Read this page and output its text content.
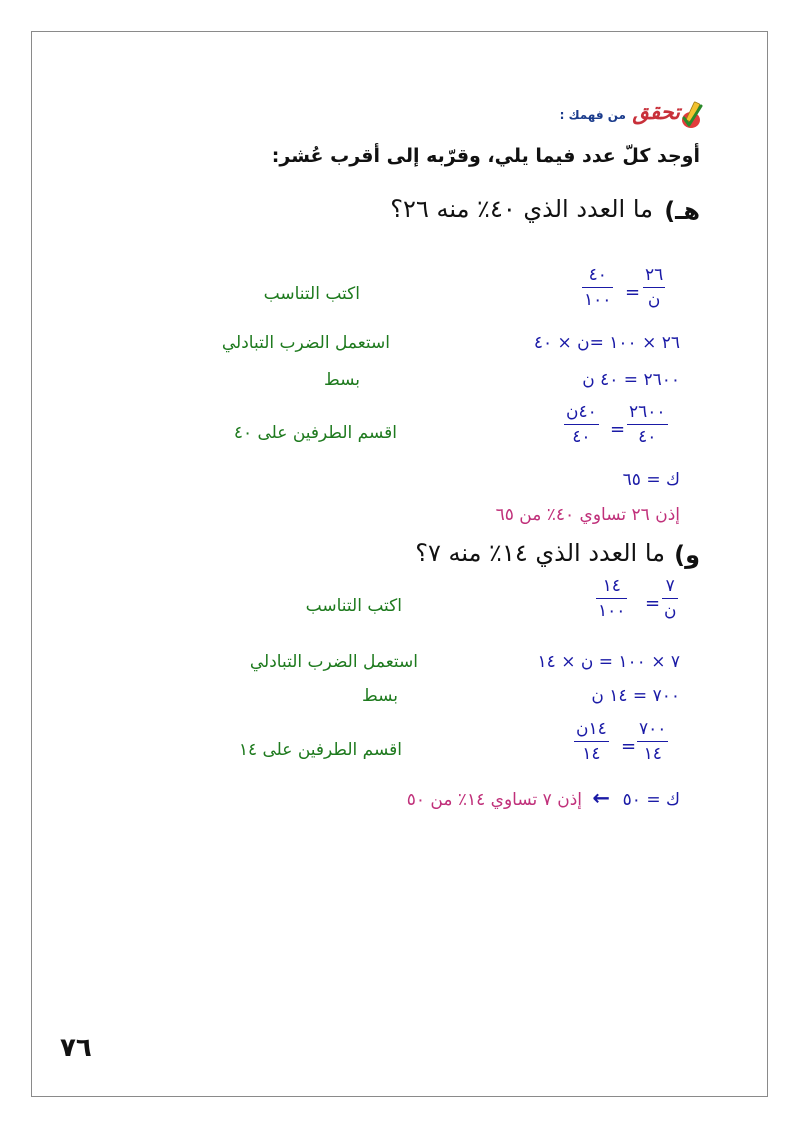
تحقق
من فهمك :
أوجد كلّ عدد فيما يلي، وقرّبه إلى أقرب عُشر:
هـ)
ما العدد الذي ٤٠٪ منه ٢٦؟
٢٦
ن
=
٤٠
١٠٠
اكتب التناسب
٢٦ × ١٠٠ =ن × ٤٠
استعمل الضرب التبادلي
٢٦٠٠ = ٤٠ ن
بسط
٢٦٠٠
٤٠
=
٤٠ن
٤٠
اقسم الطرفين على ٤٠
ك = ٦٥
إذن ٢٦ تساوي ٤٠٪ من ٦٥
و)
ما العدد الذي ١٤٪ منه ٧؟
٧
ن
=
١٤
١٠٠
اكتب التناسب
٧ × ١٠٠ = ن × ١٤
استعمل الضرب التبادلي
٧٠٠ = ١٤ ن
بسط
٧٠٠
١٤
=
١٤ن
١٤
اقسم الطرفين على ١٤
ك = ٥٠
←
إذن ٧ تساوي ١٤٪ من ٥٠
٧٦
